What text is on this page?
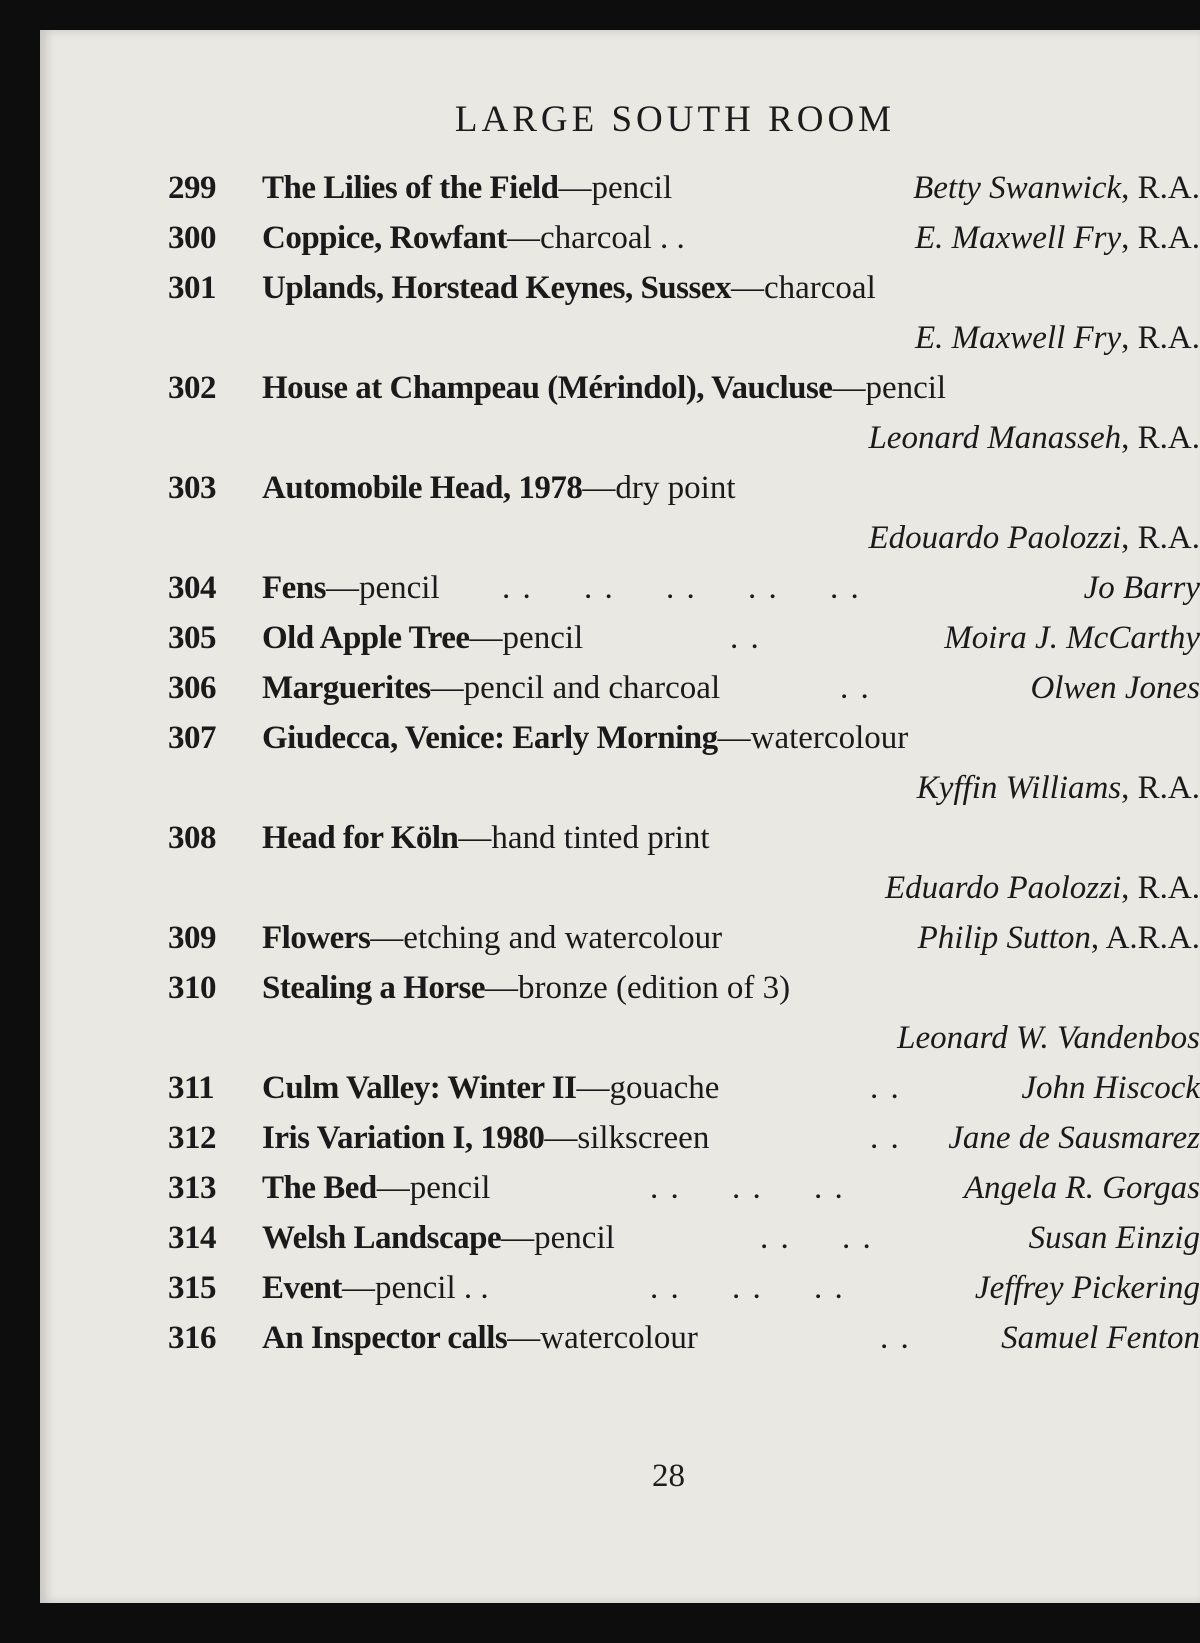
LARGE SOUTH ROOM
299 The Lilies of the Field—pencil	Betty Swanwick, R.A.
300 Coppice, Rowfant—charcoal . .	E. Maxwell Fry, R.A.
301 Uplands, Horstead Keynes, Sussex—charcoal
E. Maxwell Fry, R.A.
302 House at Champeau (Mérindol), Vaucluse—pencil
Leonard Manasseh, R.A.
303 Automobile Head, 1978—dry point
Edouardo Paolozzi, R.A.
304 Fens—pencil . .     . .     . .     . .     . .	Jo Barry
305 Old Apple Tree—pencil	. .	Moira J. McCarthy
306 Marguerites—pencil and charcoal	. .	Olwen Jones
307 Giudecca, Venice: Early Morning—watercolour
Kyffin Williams, R.A.
308 Head for Köln—hand tinted print
Eduardo Paolozzi, R.A.
309 Flowers—etching and watercolour	Philip Sutton, A.R.A.
310 Stealing a Horse—bronze (edition of 3)
Leonard W. Vandenbos
311 Culm Valley: Winter II—gouache	. .	John Hiscock
312 Iris Variation I, 1980—silkscreen	. . Jane de Sausmarez
313 The Bed—pencil	. .     . .     . .	Angela R. Gorgas
314 Welsh Landscape—pencil	. .     . .	Susan Einzig
315 Event—pencil . .	. .     . .     . .	Jeffrey Pickering
316 An Inspector calls—watercolour	. .	Samuel Fenton
28
